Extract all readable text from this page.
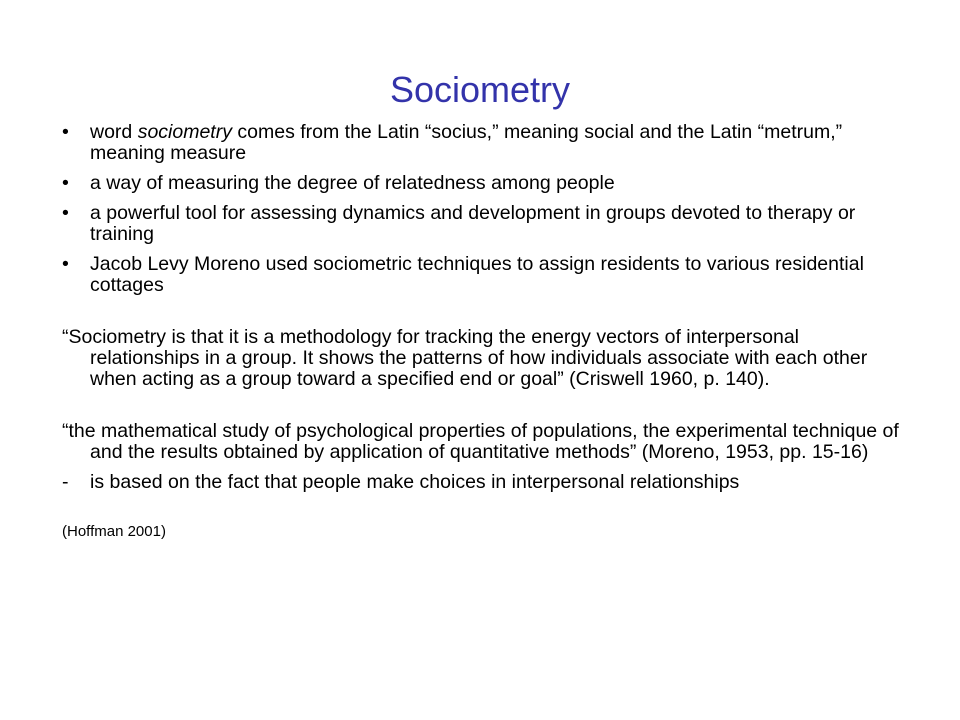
Sociometry
• word sociometry comes from the Latin “socius,” meaning social and the Latin “metrum,” meaning measure
• a way of measuring the degree of relatedness among people
• a powerful tool for assessing dynamics and development in groups devoted to therapy or training
• Jacob Levy Moreno used sociometric techniques to assign residents to various residential cottages
“Sociometry is that it is a methodology for tracking the energy vectors of interpersonal relationships in a group. It shows the patterns of how individuals associate with each other when acting as a group toward a specified end or goal” (Criswell 1960, p. 140).
“the mathematical study of psychological properties of populations, the experimental technique of and the results obtained by application of quantitative methods” (Moreno, 1953, pp. 15-16)
- is based on the fact that people make choices in interpersonal relationships
(Hoffman 2001)
